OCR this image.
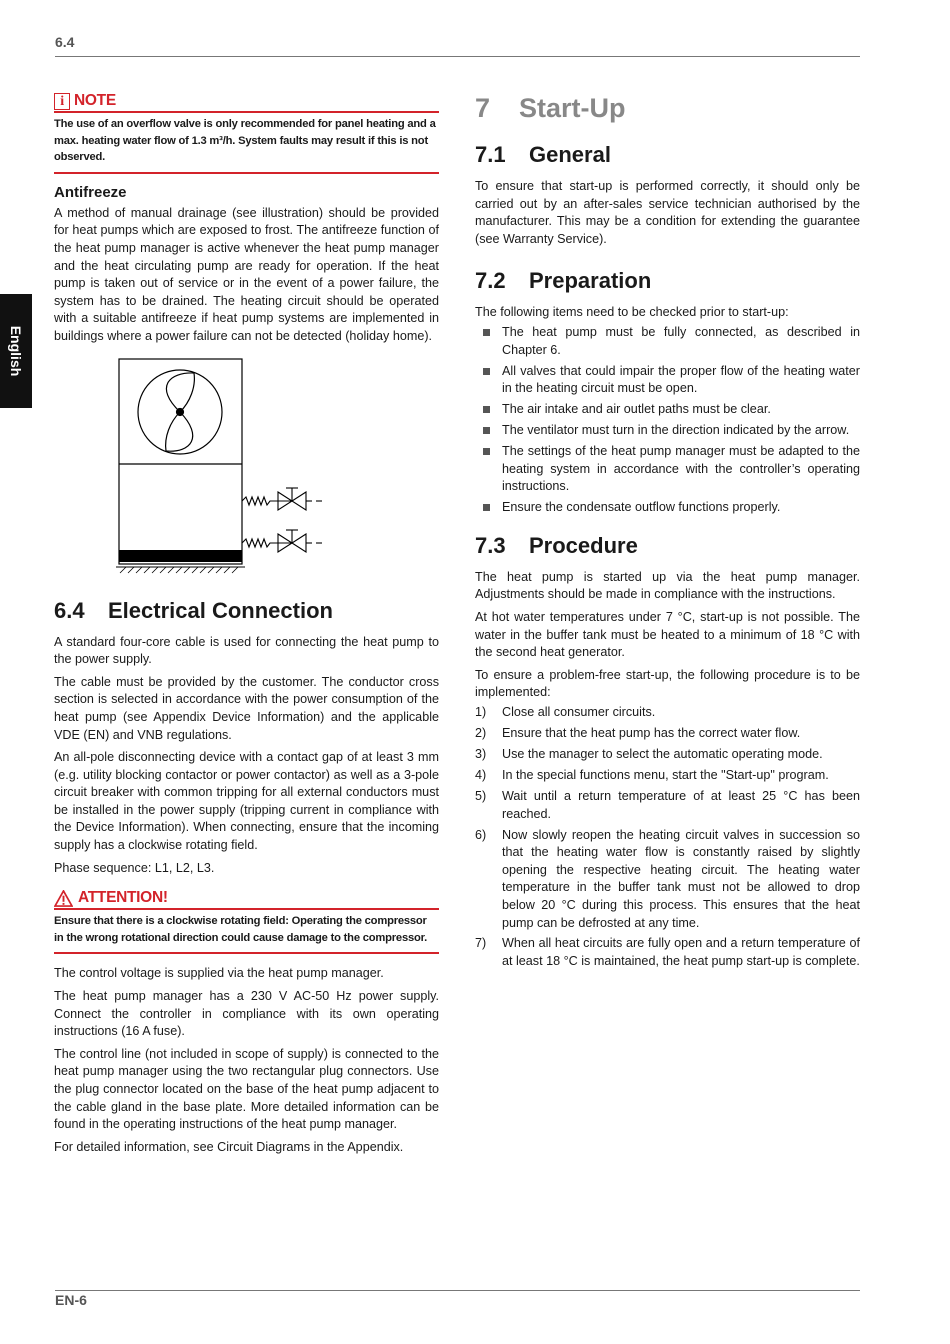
6.4
English
i NOTE

The use of an overflow valve is only recommended for panel heating and a max. heating water flow of 1.3 m³/h. System faults may result if this is not observed.

Antifreeze

A method of manual drainage (see illustration) should be provided for heat pumps which are exposed to frost. The antifreeze function of the heat pump manager is active whenever the heat pump manager and the heat circulating pump are ready for operation. If the heat pump is taken out of service or in the event of a power failure, the system has to be drained. The heating circuit should be operated with a suitable antifreeze if heat pump systems are implemented in buildings where a power failure can not be detected (holiday home).

6.4 Electrical Connection

A standard four-core cable is used for connecting the heat pump to the power supply.

The cable must be provided by the customer. The conductor cross section is selected in accordance with the power consumption of the heat pump (see Appendix Device Information) and the applicable VDE (EN) and VNB regulations.

An all-pole disconnecting device with a contact gap of at least 3 mm (e.g. utility blocking contactor or power contactor) as well as a 3-pole circuit breaker with common tripping for all external conductors must be installed in the power supply (tripping current in compliance with the Device Information). When connecting, ensure that the incoming supply has a clockwise rotating field.

Phase sequence: L1, L2, L3.

ATTENTION!

Ensure that there is a clockwise rotating field: Operating the compressor in the wrong rotational direction could cause damage to the compressor.

The control voltage is supplied via the heat pump manager.

The heat pump manager has a 230 V AC-50 Hz power supply. Connect the controller in compliance with its own operating instructions (16 A fuse).

The control line (not included in scope of supply) is connected to the heat pump manager using the two rectangular plug connectors. Use the plug connector located on the base of the heat pump adjacent to the cable gland in the base plate. More detailed information can be found in the operating instructions of the heat pump manager.

For detailed information, see Circuit Diagrams in the Appendix.

7 Start-Up
7.1 General

To ensure that start-up is performed correctly, it should only be carried out by an after-sales service technician authorised by the manufacturer. This may be a condition for extending the guarantee (see Warranty Service).

7.2 Preparation

The following items need to be checked prior to start-up:

The heat pump must be fully connected, as described in Chapter 6.
All valves that could impair the proper flow of the heating water in the heating circuit must be open.
The air intake and air outlet paths must be clear.
The ventilator must turn in the direction indicated by the arrow.
The settings of the heat pump manager must be adapted to the heating system in accordance with the controller’s operating instructions.
Ensure the condensate outflow functions properly.
7.3 Procedure

The heat pump is started up via the heat pump manager. Adjustments should be made in compliance with the instructions.

At hot water temperatures under 7 °C, start-up is not possible. The water in the buffer tank must be heated to a minimum of 18 °C with the second heat generator.

To ensure a problem-free start-up, the following procedure is to be implemented:

1) Close all consumer circuits.
2) Ensure that the heat pump has the correct water flow.
3) Use the manager to select the automatic operating mode.
4) In the special functions menu, start the "Start-up" program.
5) Wait until a return temperature of at least 25 °C has been reached.
6) Now slowly reopen the heating circuit valves in succession so that the heating water flow is constantly raised by slightly opening the respective heating circuit. The heating water temperature in the buffer tank must not be allowed to drop below 20 °C during this process. This ensures that the heat pump can be defrosted at any time.
7) When all heat circuits are fully open and a return temperature of at least 18 °C is maintained, the heat pump start-up is complete.
EN-6
